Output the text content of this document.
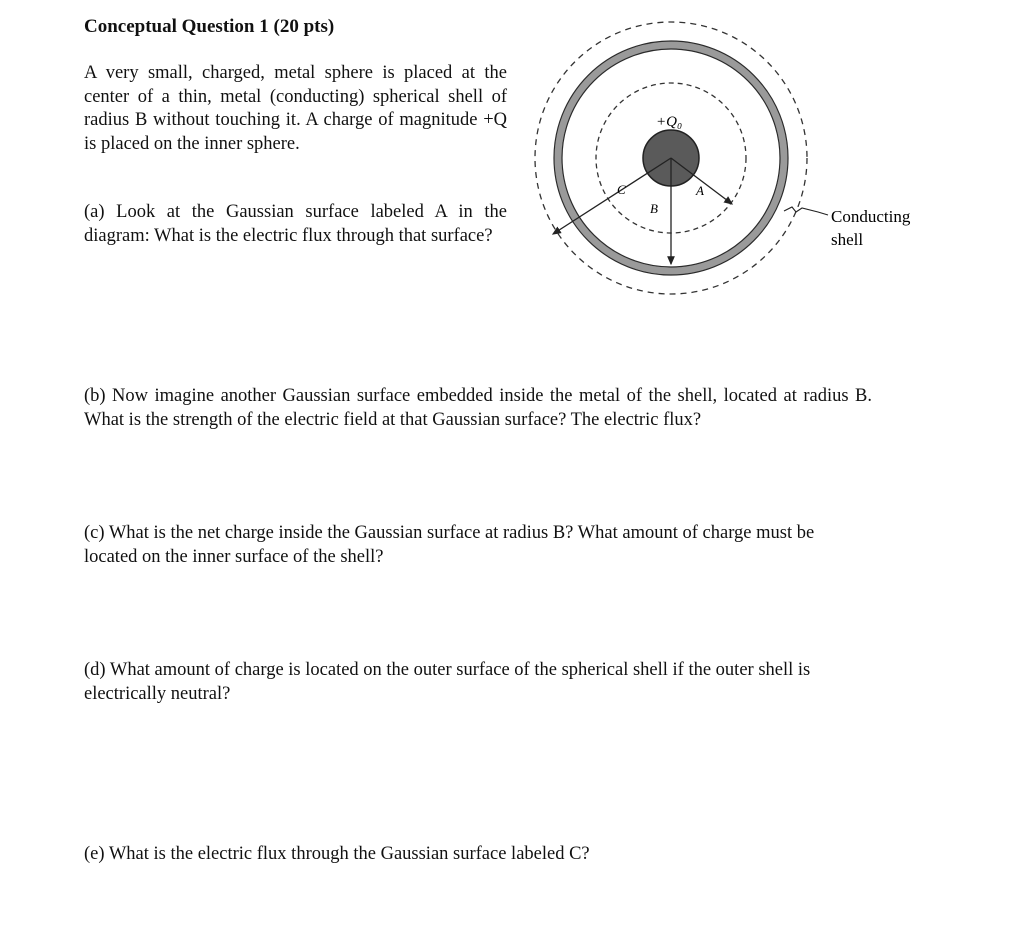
Conceptual Question 1 (20 pts)

A very small, charged, metal sphere is placed at the center of a thin, metal (conducting) spherical shell of radius B without touching it. A charge of magnitude +Q is placed on the inner sphere.

(a) Look at the Gaussian surface labeled A in the diagram: What is the electric flux through that surface?

+Q₀
A
B
C
Conducting
shell

(b) Now imagine another Gaussian surface embedded inside the metal of the shell, located at radius B. What is the strength of the electric field at that Gaussian surface? The electric flux?

(c) What is the net charge inside the Gaussian surface at radius B? What amount of charge must be located on the inner surface of the shell?

(d) What amount of charge is located on the outer surface of the spherical shell if the outer shell is electrically neutral?

(e) What is the electric flux through the Gaussian surface labeled C?
